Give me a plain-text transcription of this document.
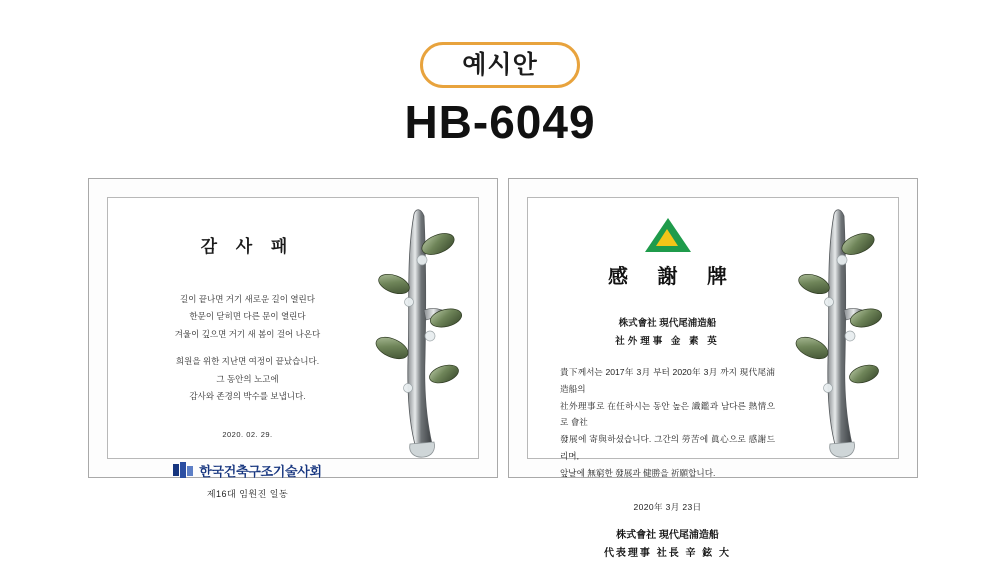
예시안
HB-6049
감 사 패
길이 끝나면 거기 새로운 길이 열린다
한문이 닫히면 다른 문이 열린다
겨울이 깊으면 거기 새 봄이 걸어 나온다
희원을 위한 지난면 여정이 끝났습니다.
그 동안의 노고에
감사와 존경의 박수를 보냅니다.
2020. 02. 29.
한국건축구조기술사회
제16대 임원진 일동
感 謝 牌
株式會社 現代尾浦造船
社外理事 金 素 英
貴下께서는 2017年 3月 부터 2020年 3月 까지 現代尾浦造船의
社外理事로 在任하시는 동안 높은 識鑑과 남다른 熱情으로 會社
發展에 寄與하셨습니다. 그간의 勞苦에 眞心으로 感謝드리며,
앞날에 無窮한 發展과 健勝을 祈願합니다.
2020年 3月 23日
株式會社 現代尾浦造船
代表理事 社長 辛 鉉 大
